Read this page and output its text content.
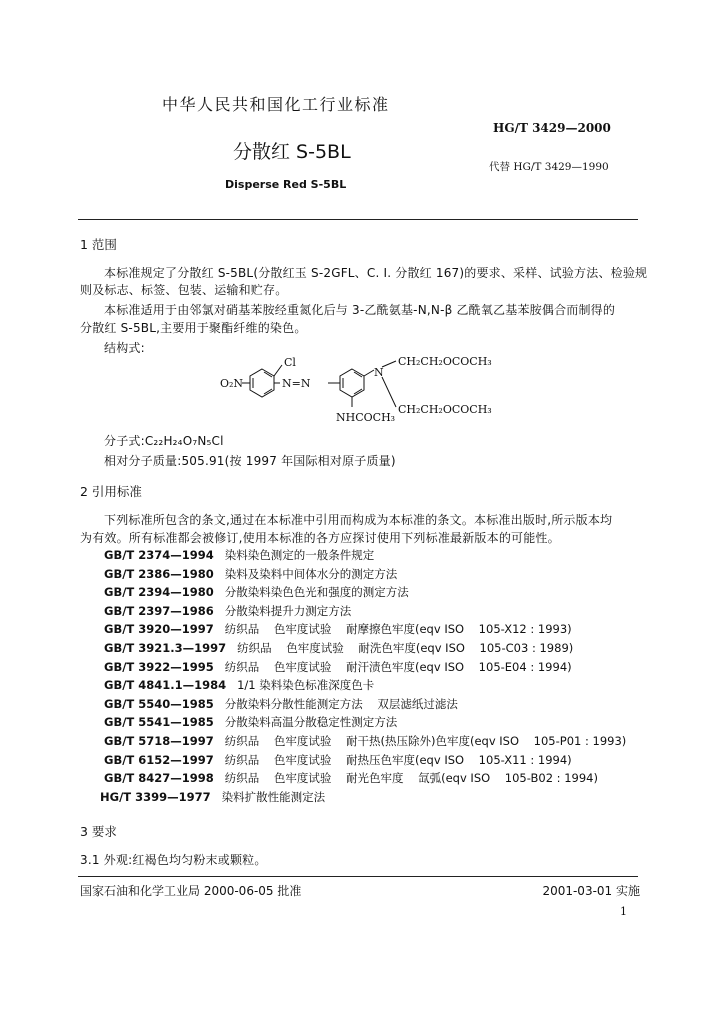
中华人民共和国化工行业标准
HG/T 3429—2000
分散红 S-5BL
代替 HG/T 3429—1990
Disperse Red S-5BL
1 范围
本标准规定了分散红 S-5BL(分散红玉 S-2GFL、C. I. 分散红 167)的要求、采样、试验方法、检验规
则及标志、标签、包装、运输和贮存。
本标准适用于由邻氯对硝基苯胺经重氮化后与 3-乙酰氨基-N,N-β 乙酰氧乙基苯胺偶合而制得的
分散红 S-5BL,主要用于聚酯纤维的染色。
结构式:
Cl
O₂N	N=N
N
CH₂CH₂OCOCH₃
CH₂CH₂OCOCH₃
NHCOCH₃
分子式:C₂₂H₂₄O₇N₅Cl
相对分子质量:505.91(按 1997 年国际相对原子质量)
2 引用标准
下列标准所包含的条文,通过在本标准中引用而构成为本标准的条文。本标准出版时,所示版本均
为有效。所有标准都会被修订,使用本标准的各方应探讨使用下列标准最新版本的可能性。
GB/T 2374—1994 染料染色测定的一般条件规定
GB/T 2386—1980 染料及染料中间体水分的测定方法
GB/T 2394—1980 分散染料染色色光和强度的测定方法
GB/T 2397—1986 分散染料提升力测定方法
GB/T 3920—1997 纺织品    色牢度试验    耐摩擦色牢度(eqv ISO    105-X12 : 1993)
GB/T 3921.3—1997 纺织品    色牢度试验    耐洗色牢度(eqv ISO    105-C03 : 1989)
GB/T 3922—1995 纺织品    色牢度试验    耐汗渍色牢度(eqv ISO    105-E04 : 1994)
GB/T 4841.1—1984 1/1 染料染色标准深度色卡
GB/T 5540—1985 分散染料分散性能测定方法    双层滤纸过滤法
GB/T 5541—1985 分散染料高温分散稳定性测定方法
GB/T 5718—1997 纺织品    色牢度试验    耐干热(热压除外)色牢度(eqv ISO    105-P01 : 1993)
GB/T 6152—1997 纺织品    色牢度试验    耐热压色牢度(eqv ISO    105-X11 : 1994)
GB/T 8427—1998 纺织品    色牢度试验    耐光色牢度    氙弧(eqv ISO    105-B02 : 1994)
HG/T 3399—1977 染料扩散性能测定法
3 要求
3.1 外观:红褐色均匀粉末或颗粒。
国家石油和化学工业局 2000-06-05 批准	2001-03-01 实施
1
